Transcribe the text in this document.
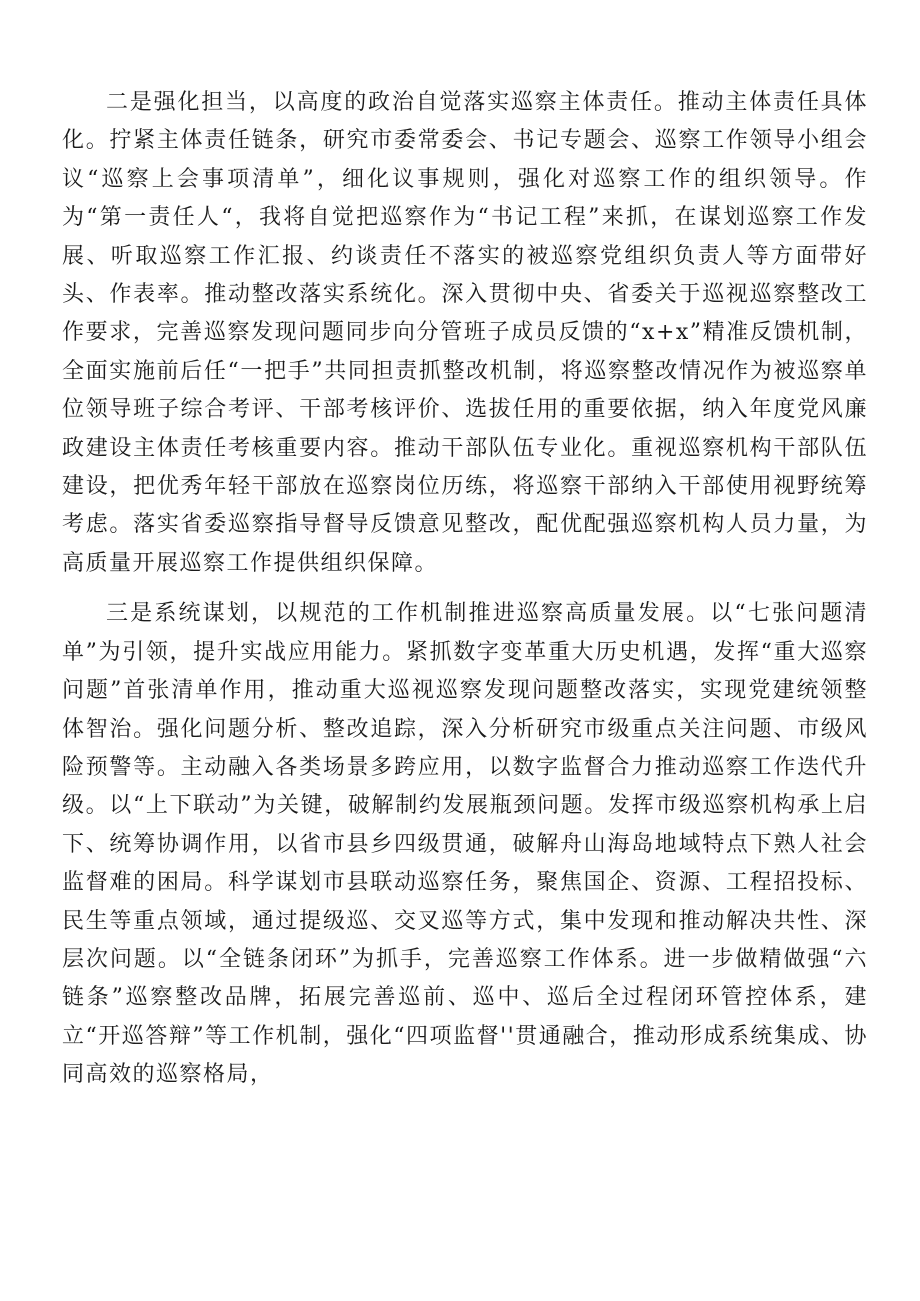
二是强化担当，以高度的政治自觉落实巡察主体责任。推动主体责任具体化。拧紧主体责任链条，研究市委常委会、书记专题会、巡察工作领导小组会议“巡察上会事项清单”，细化议事规则，强化对巡察工作的组织领导。作为“第一责任人“，我将自觉把巡察作为“书记工程”来抓，在谋划巡察工作发展、听取巡察工作汇报、约谈责任不落实的被巡察党组织负责人等方面带好头、作表率。推动整改落实系统化。深入贯彻中央、省委关于巡视巡察整改工作要求，完善巡察发现问题同步向分管班子成员反馈的“x+x”精准反馈机制，全面实施前后任“一把手”共同担责抓整改机制，将巡察整改情况作为被巡察单位领导班子综合考评、干部考核评价、选拔任用的重要依据，纳入年度党风廉政建设主体责任考核重要内容。推动干部队伍专业化。重视巡察机构干部队伍建设，把优秀年轻干部放在巡察岗位历练，将巡察干部纳入干部使用视野统筹考虑。落实省委巡察指导督导反馈意见整改，配优配强巡察机构人员力量，为高质量开展巡察工作提供组织保障。

三是系统谋划，以规范的工作机制推进巡察高质量发展。以“七张问题清单”为引领，提升实战应用能力。紧抓数字变革重大历史机遇，发挥“重大巡察问题”首张清单作用，推动重大巡视巡察发现问题整改落实，实现党建统领整体智治。强化问题分析、整改追踪，深入分析研究市级重点关注问题、市级风险预警等。主动融入各类场景多跨应用，以数字监督合力推动巡察工作迭代升级。以“上下联动”为关键，破解制约发展瓶颈问题。发挥市级巡察机构承上启下、统筹协调作用，以省市县乡四级贯通，破解舟山海岛地域特点下熟人社会监督难的困局。科学谋划市县联动巡察任务，聚焦国企、资源、工程招投标、民生等重点领域，通过提级巡、交叉巡等方式，集中发现和推动解决共性、深层次问题。以“全链条闭环”为抓手，完善巡察工作体系。进一步做精做强“六链条”巡察整改品牌，拓展完善巡前、巡中、巡后全过程闭环管控体系，建立“开巡答辩”等工作机制，强化“四项监督''贯通融合，推动形成系统集成、协同高效的巡察格局，
